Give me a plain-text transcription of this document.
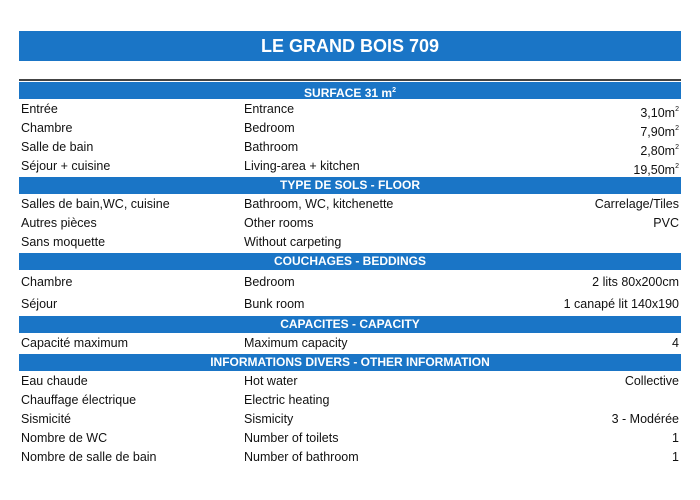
LE GRAND BOIS 709
SURFACE 31 $m^2$
Entrée	Entrance	$3,10m^2$
Chambre	Bedroom	$7,90m^2$
Salle de bain	Bathroom	$2,80m^2$
Séjour + cuisine	Living-area + kitchen	$19,50m^2$
TYPE DE SOLS - FLOOR
Salles de bain,WC, cuisine	Bathroom, WC, kitchenette	Carrelage/Tiles
Autres pièces	Other rooms	PVC
Sans moquette	Without carpeting
COUCHAGES - BEDDINGS
Chambre	Bedroom	2 lits 80x200cm
Séjour	Bunk room	1 canapé lit 140x190
CAPACITES - CAPACITY
Capacité maximum	Maximum capacity	4
INFORMATIONS DIVERS - OTHER INFORMATION
Eau chaude	Hot water	Collective
Chauffage électrique	Electric heating
Sismicité	Sismicity	3 - Modérée
Nombre de WC	Number of toilets	1
Nombre de salle de bain	Number of bathroom	1
